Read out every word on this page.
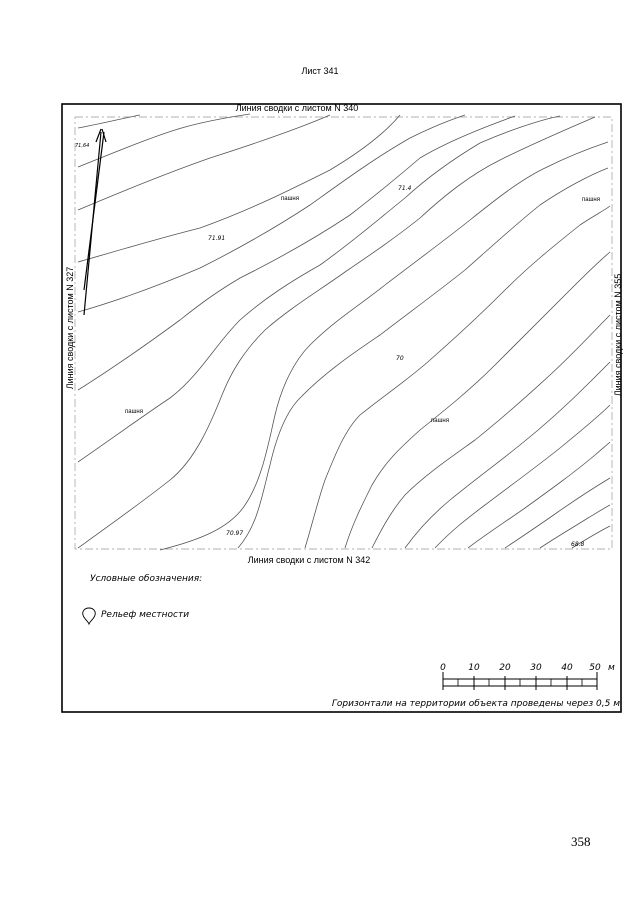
Лист 341
Линия сводки с листом N 340
Линия сводки с листом N 342
Линия сводки с листом N 327	Линия сводки с листом N 355
пашня	пашня
пашня
пашня
71,64
71.91
71.4
70
70.97
68.8
Условные обозначения:
Рельеф местности
0 10 20 30 40 50 м
Горизонтали на территории объекта проведены через 0,5 м
358
